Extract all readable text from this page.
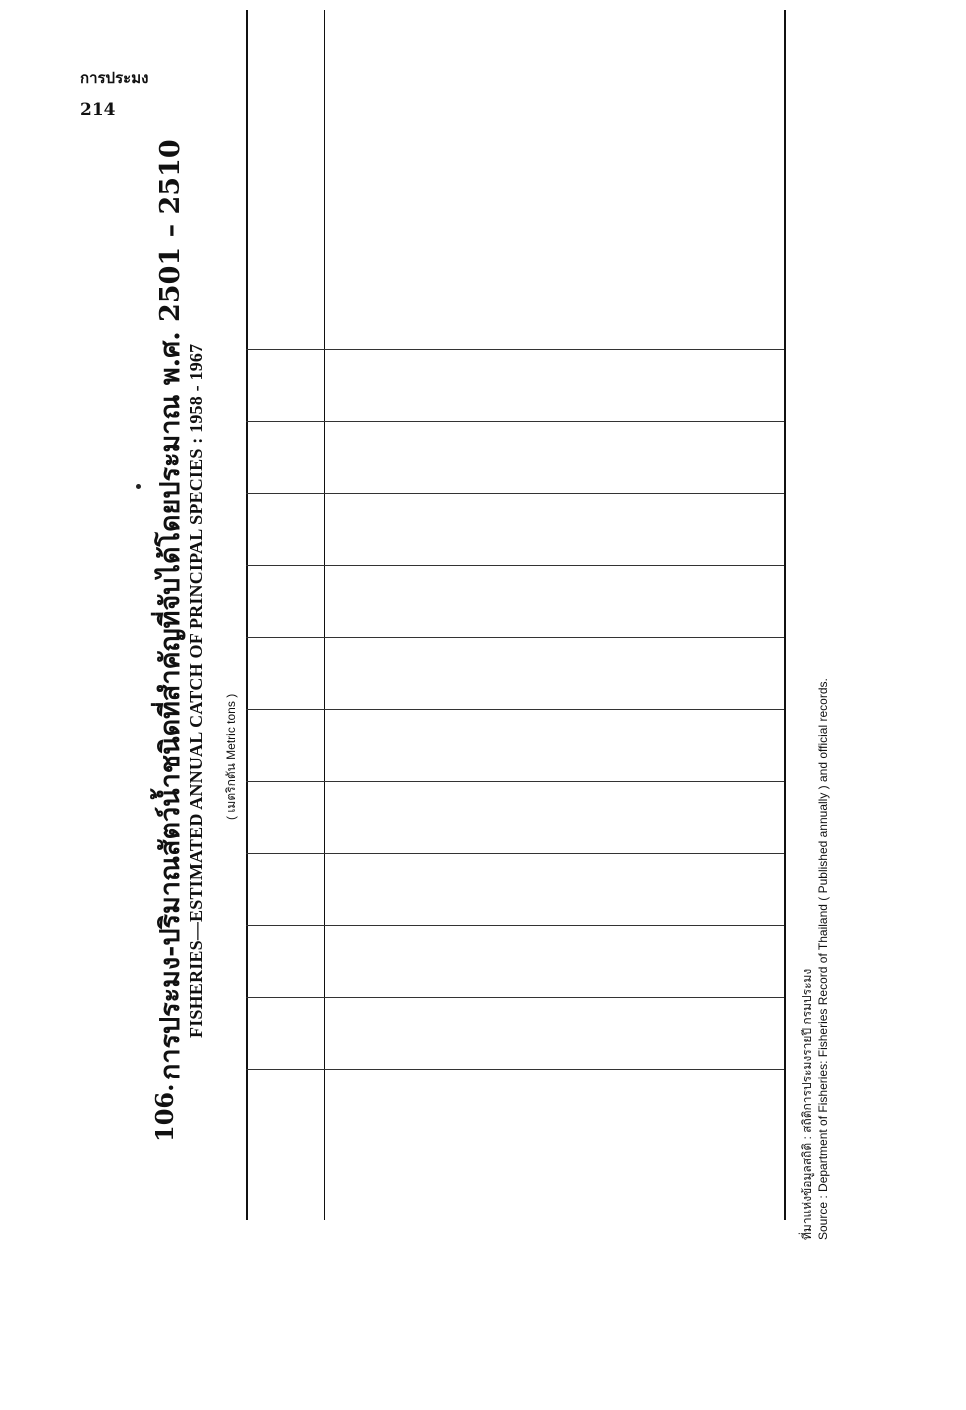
การประมง
214
106.
การประมง-ปริมาณสัตว์น้ำชนิดที่สำคัญที่จับได้โดยประมาณ พ.ศ. 2501 – 2510 FISHERIES—ESTIMATED ANNUAL CATCH OF PRINCIPAL SPECIES : 1958 - 1967 ( เมตริกตัน Metric tons )
ที่มาแห่งข้อมูลสถิติ : สถิติการประมงรายปี กรมประมง Source : Department of Fisheries: Fisheries Record of Thailand ( Published annually ) and official records.
